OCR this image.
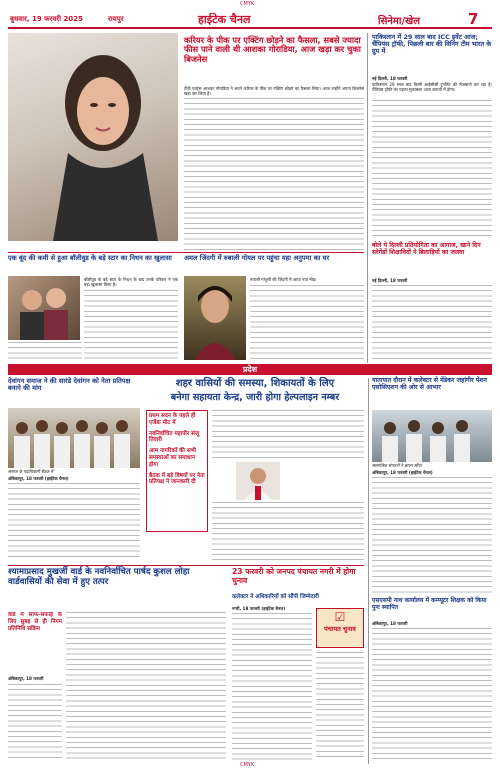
CMYK
बुधवार, 19 फरवरी 2025	रायपुर	हाईटेक चैनल	सिनेमा/खेल	7
करियर के पीक पर एक्टिंग छोड़ने का फैसला, सबसे ज्यादा फीस पाने वाली थी आशका गोराडिया, आज खड़ा कर चुका बिजनेस
टीवी एक्ट्रेस आशका गोराडिया ने अपने करियर के पीक पर एक्टिंग छोड़ने का फैसला लिया। आज उन्होंने अपना बिजनेस खड़ा कर लिया है।
पाकिस्तान में 29 साल बाद ICC इवेंट आज; चैंपियंस ट्रॉफी, पिछली बार की विनिंग टीम भारत के ग्रुप में
नई दिल्ली, 18 फरवरी
पाकिस्तान 29 साल बाद किसी आईसीसी टूर्नामेंट की मेजबानी कर रहा है। चैंपियंस ट्रॉफी का पहला मुकाबला आज कराची में होगा।
बोले ये दिल्ली प्रतियोगिता का आगाज, खाने दिन स्लेगेंडों शिक्षाविदों ने ब्रिलाड़ियों का जलवा
नई दिल्ली, 18 फरवरी
एक बूंद की कमी से हुआ बॉलीवुड के बड़े स्टार का निधन का खुलासा
बॉलीवुड के बड़े स्टार के निधन के बाद उनके परिवार ने एक बड़ा खुलासा किया है।
अमल जिंदगी में रुबाली गोयल पर पहुंचा यहा अनुपमा का घर
रुपाली गांगुली की जिंदगी में आया नया मोड़।
प्रदेश
देवांगन समाज ने की सारंडे देवांगन को नेता प्रतिपक्ष बनाने की मांग
समाज के पदाधिकारी बैठक में
अंबिकापुर, 18 फरवरी (हाईटेक चैनल)
शहर वासियों की समस्या, शिकायतों के लिए
बनेगा सहायता केन्द्र, जारी होगा हेल्पलाइन नम्बर
प्रथम सदन के पहले ही एजेंडा मीट में
नवनिर्वाचित महापौर संजू तिवारी
आम नागरिकों की सभी समस्याओं का समाधान होगा
बैठक में बड़े विषयों पर नेता प्रतिपक्ष ने जानकारी दी
यातायात दौरान में कलेक्टर से मेंडेकर जहांगीर पेंशन एसोसिएशन की ओर से आभार
सामाजिक संगठनों ने ज्ञापन सौंपा
अंबिकापुर, 18 फरवरी (हाईटेक चैनल)
एसएसपी नाथ कार्यालय में कम्प्यूटर शिक्षक को किया पुनः स्थापित
अंबिकापुर, 18 फरवरी
श्यामाप्रसाद मुखर्जी वार्ड के नवनिर्वाचित पार्षद कुशल लोहा वार्डवासियों की सेवा में हुए तत्पर
वार्ड में साफ-सफाई के लिए सुबह से ही निगम प्रतिनिधि सक्रिय
अंबिकापुर, 18 फरवरी
23 फरवरी को जनपद पंचायत नगरी में होगा चुनाव
कलेक्टर ने अधिकारियों को सौंपी जिम्मेदारी
नगरी, 18 फरवरी (हाईटेक चैनल)
☑
पंचायत चुनाव
CMYK
